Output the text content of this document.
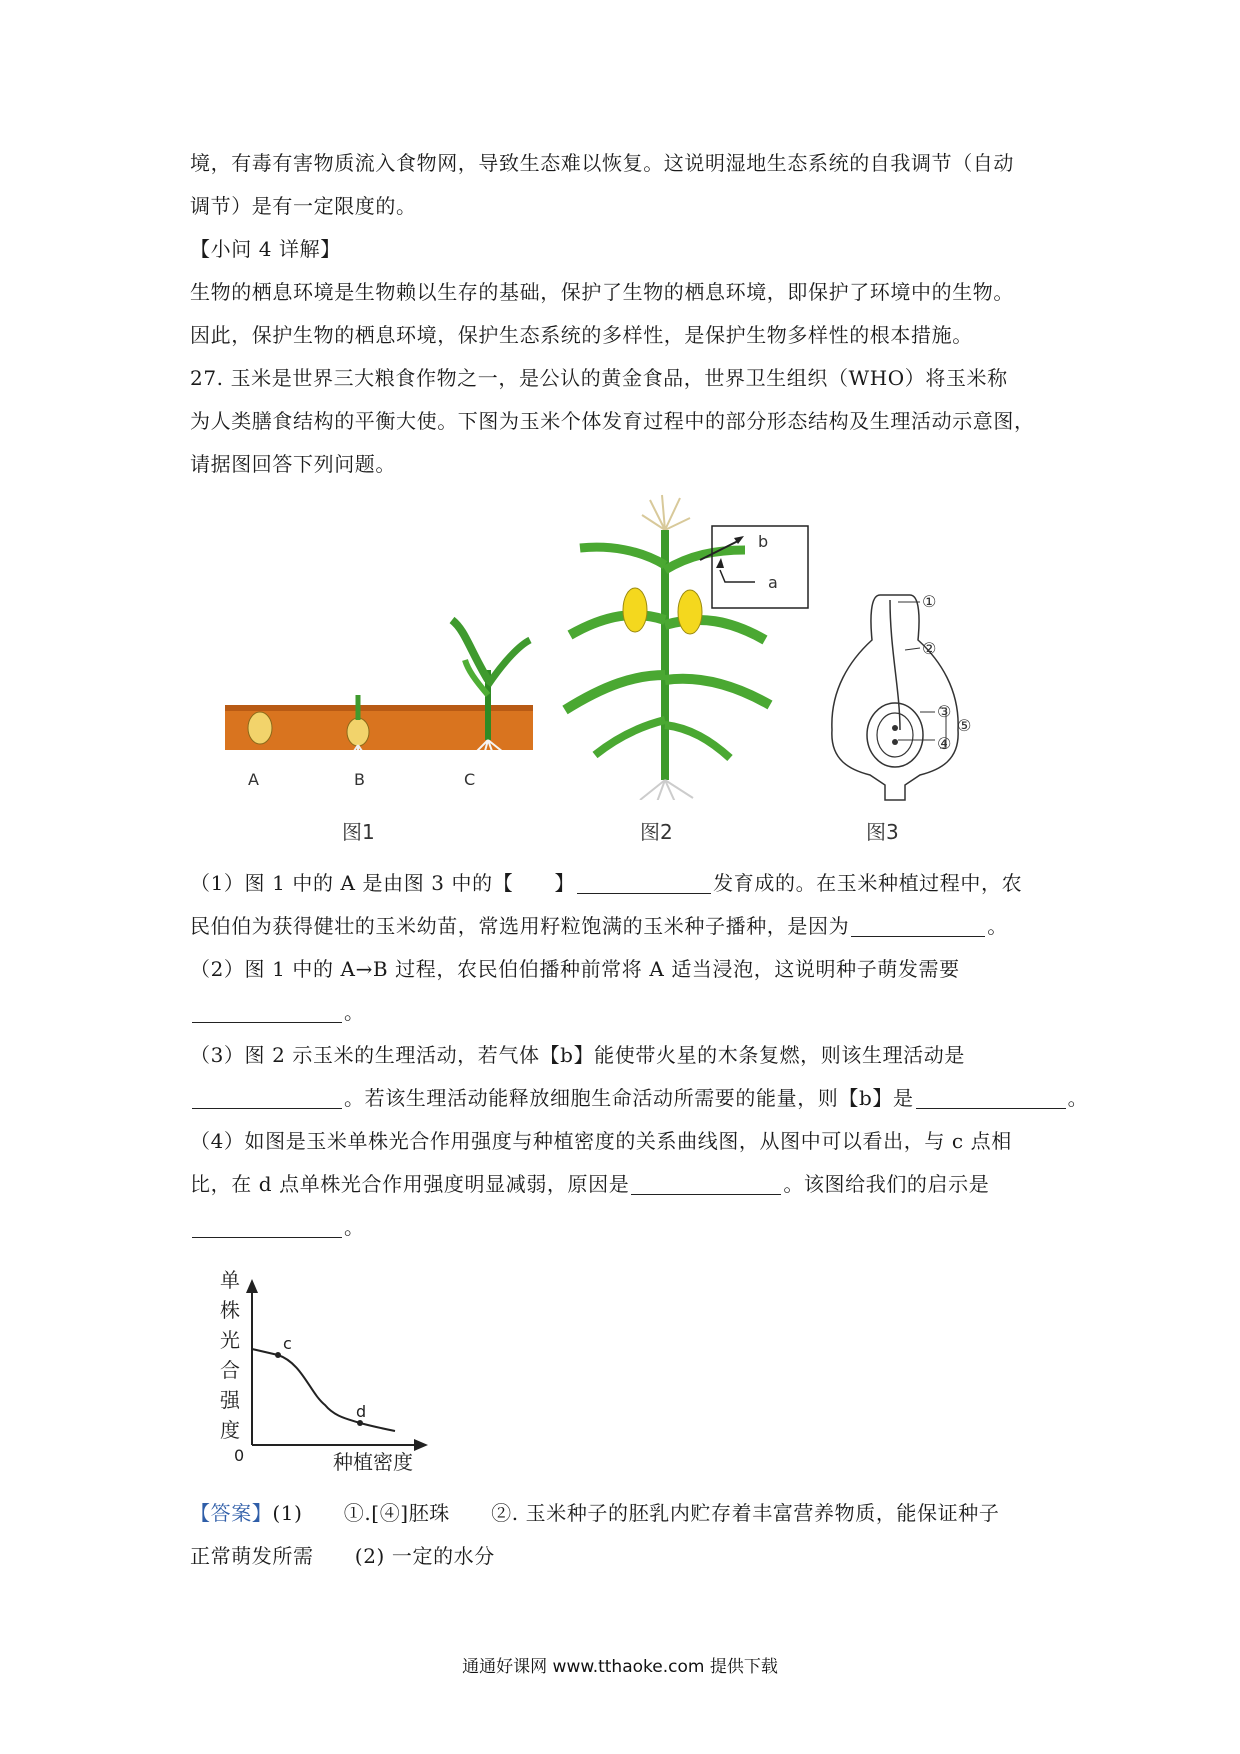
境，有毒有害物质流入食物网，导致生态难以恢复。这说明湿地生态系统的自我调节（自动
调节）是有一定限度的。
【小问 4 详解】
生物的栖息环境是生物赖以生存的基础，保护了生物的栖息环境，即保护了环境中的生物。
因此，保护生物的栖息环境，保护生态系统的多样性，是保护生物多样性的根本措施。
27. 玉米是世界三大粮食作物之一，是公认的黄金食品，世界卫生组织（WHO）将玉米称
为人类膳食结构的平衡大使。下图为玉米个体发育过程中的部分形态结构及生理活动示意图，
请据图回答下列问题。
A	B	C
图1
b
a
图2
①
②
③
④
⑤
图3
（1）图 1 中的 A 是由图 3 中的【　　】	发育成的。在玉米种植过程中，农
民伯伯为获得健壮的玉米幼苗，常选用籽粒饱满的玉米种子播种，是因为	。
（2）图 1 中的 A→B 过程，农民伯伯播种前常将 A 适当浸泡，这说明种子萌发需要
。
（3）图 2 示玉米的生理活动，若气体【b】能使带火星的木条复燃，则该生理活动是
。若该生理活动能释放细胞生命活动所需要的能量，则【b】是	。
（4）如图是玉米单株光合作用强度与种植密度的关系曲线图，从图中可以看出，与 c 点相
比，在 d 点单株光合作用强度明显减弱，原因是	。该图给我们的启示是
。
单
株
光
合
强
度
0	种植密度
c
d
【答案】(1)　　①.[④]胚珠　　②. 玉米种子的胚乳内贮存着丰富营养物质，能保证种子
正常萌发所需　　(2) 一定的水分
通通好课网 www.tthaoke.com 提供下载
